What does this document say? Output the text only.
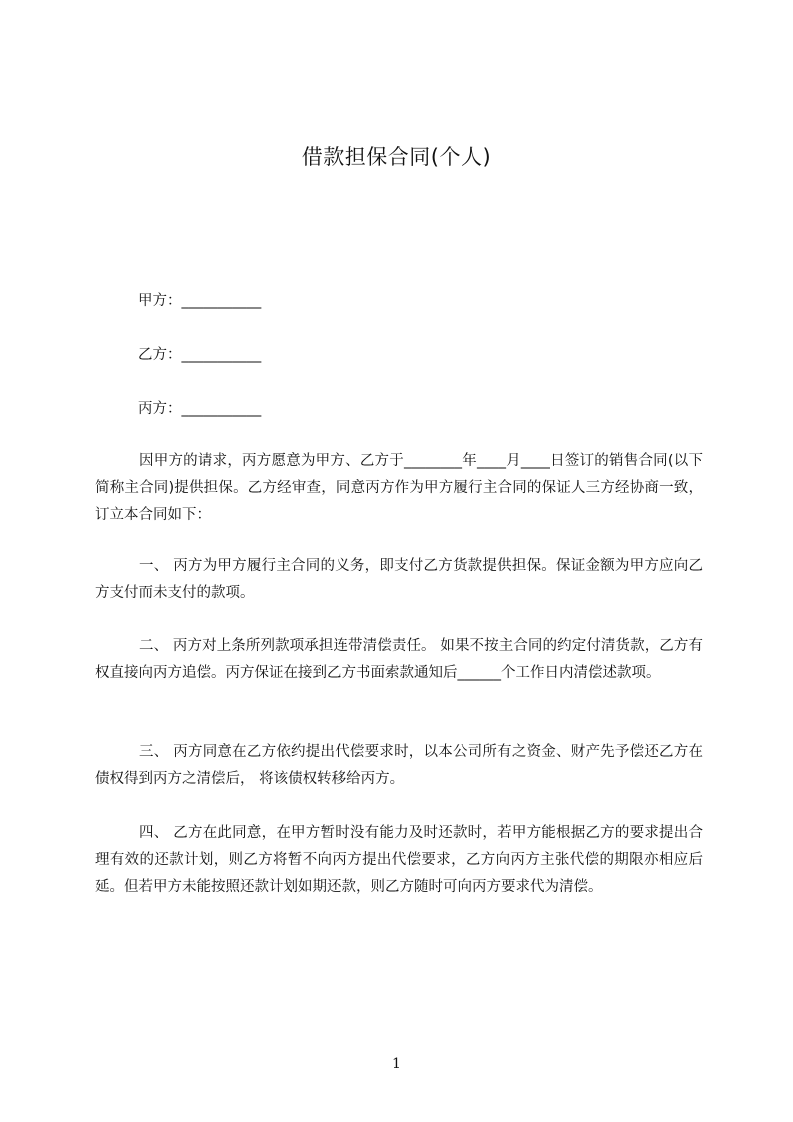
借款担保合同(个人)
甲方：___________
乙方：___________
丙方：___________
因甲方的请求，丙方愿意为甲方、乙方于________年____月____日签订的销售合同(以下简称主合同)提供担保。乙方经审查，同意丙方作为甲方履行主合同的保证人三方经协商一致，订立本合同如下：
一、 丙方为甲方履行主合同的义务，即支付乙方货款提供担保。保证金额为甲方应向乙方支付而未支付的款项。
二、 丙方对上条所列款项承担连带清偿责任。 如果不按主合同的约定付清货款，乙方有权直接向丙方追偿。丙方保证在接到乙方书面索款通知后______个工作日内清偿述款项。
三、 丙方同意在乙方依约提出代偿要求时，以本公司所有之资金、财产先予偿还乙方在债权得到丙方之清偿后， 将该债权转移给丙方。
四、 乙方在此同意，在甲方暂时没有能力及时还款时，若甲方能根据乙方的要求提出合理有效的还款计划，则乙方将暂不向丙方提出代偿要求，乙方向丙方主张代偿的期限亦相应后延。但若甲方未能按照还款计划如期还款，则乙方随时可向丙方要求代为清偿。
1
